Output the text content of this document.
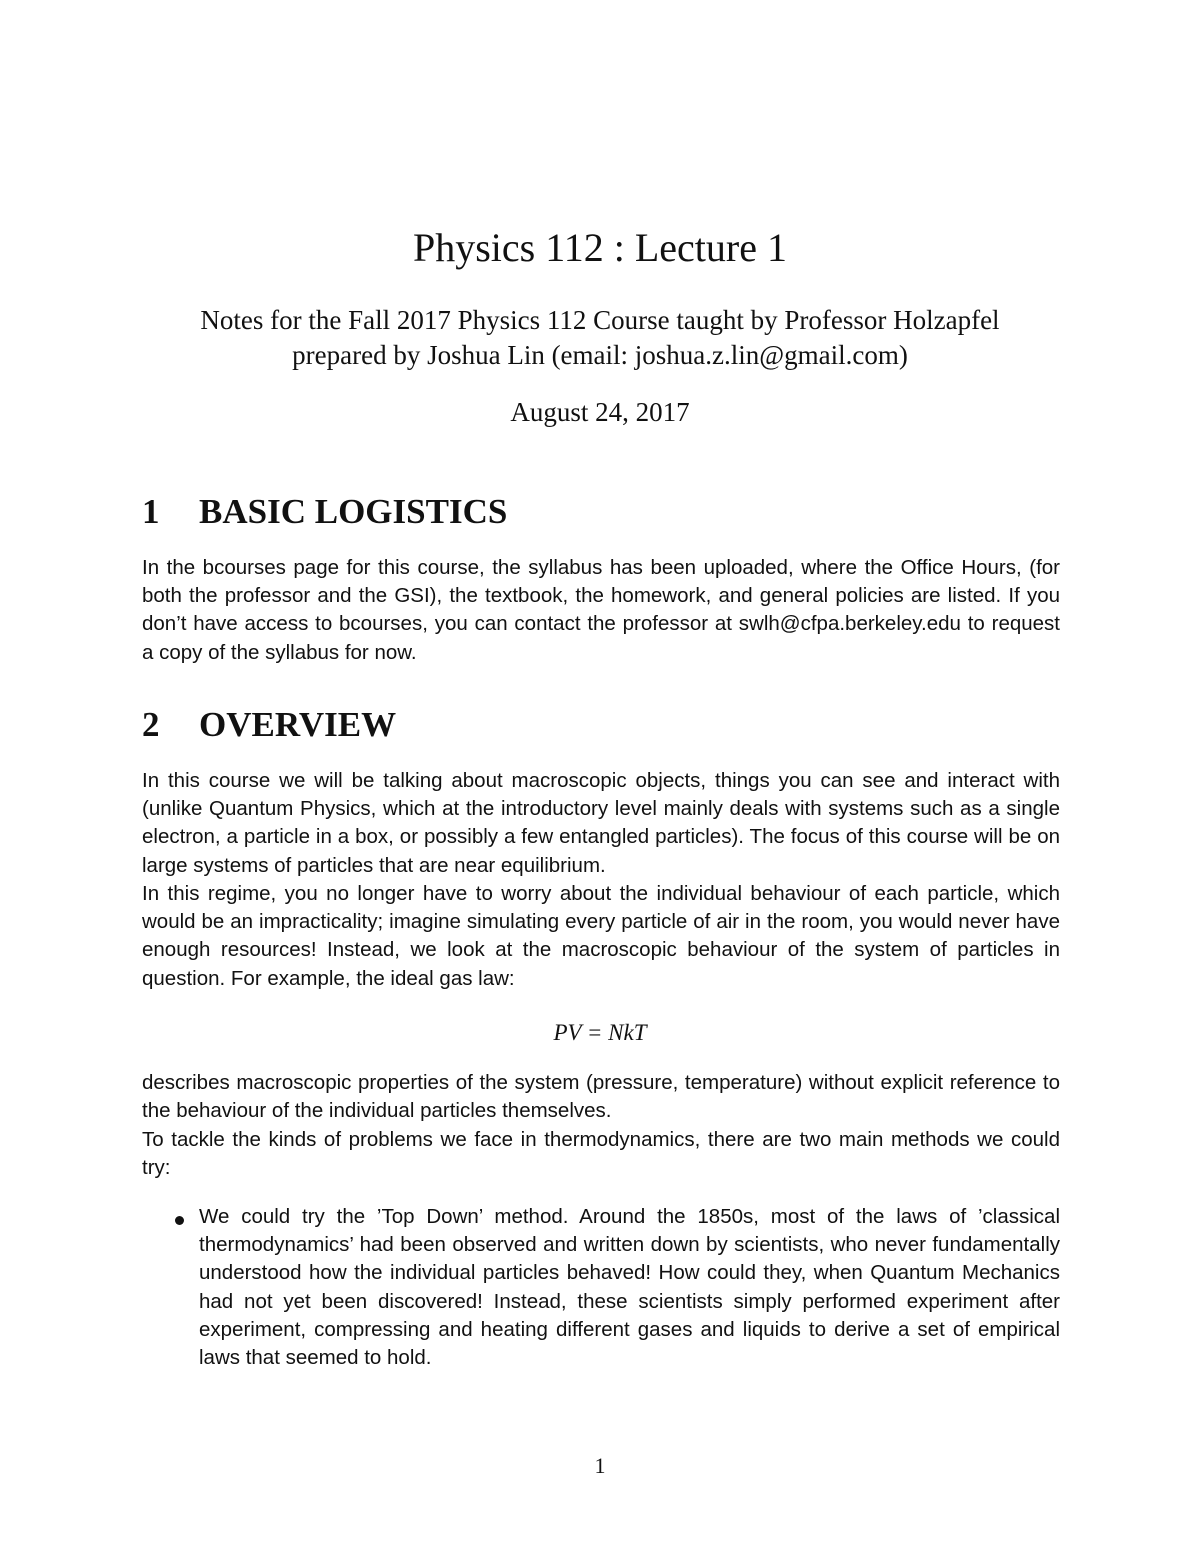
Physics 112 : Lecture 1
Notes for the Fall 2017 Physics 112 Course taught by Professor Holzapfel
prepared by Joshua Lin (email: joshua.z.lin@gmail.com)
August 24, 2017
1 BASIC LOGISTICS

In the bcourses page for this course, the syllabus has been uploaded, where the Office Hours, (for both the professor and the GSI), the textbook, the homework, and general policies are listed. If you don’t have access to bcourses, you can contact the professor at swlh@cfpa.berkeley.edu to request a copy of the syllabus for now.

2 OVERVIEW

In this course we will be talking about macroscopic objects, things you can see and interact with (unlike Quantum Physics, which at the introductory level mainly deals with systems such as a single electron, a particle in a box, or possibly a few entangled particles). The focus of this course will be on large systems of particles that are near equilibrium.

In this regime, you no longer have to worry about the individual behaviour of each particle, which would be an impracticality; imagine simulating every particle of air in the room, you would never have enough resources! Instead, we look at the macroscopic behaviour of the system of particles in question. For example, the ideal gas law:

PV = NkT

describes macroscopic properties of the system (pressure, temperature) without explicit reference to the behaviour of the individual particles themselves.

To tackle the kinds of problems we face in thermodynamics, there are two main methods we could try:

We could try the ’Top Down’ method. Around the 1850s, most of the laws of ’classical thermodynamics’ had been observed and written down by scientists, who never fundamentally understood how the individual particles behaved! How could they, when Quantum Mechanics had not yet been discovered! Instead, these scientists simply performed experiment after experiment, compressing and heating different gases and liquids to derive a set of empirical laws that seemed to hold.
1
